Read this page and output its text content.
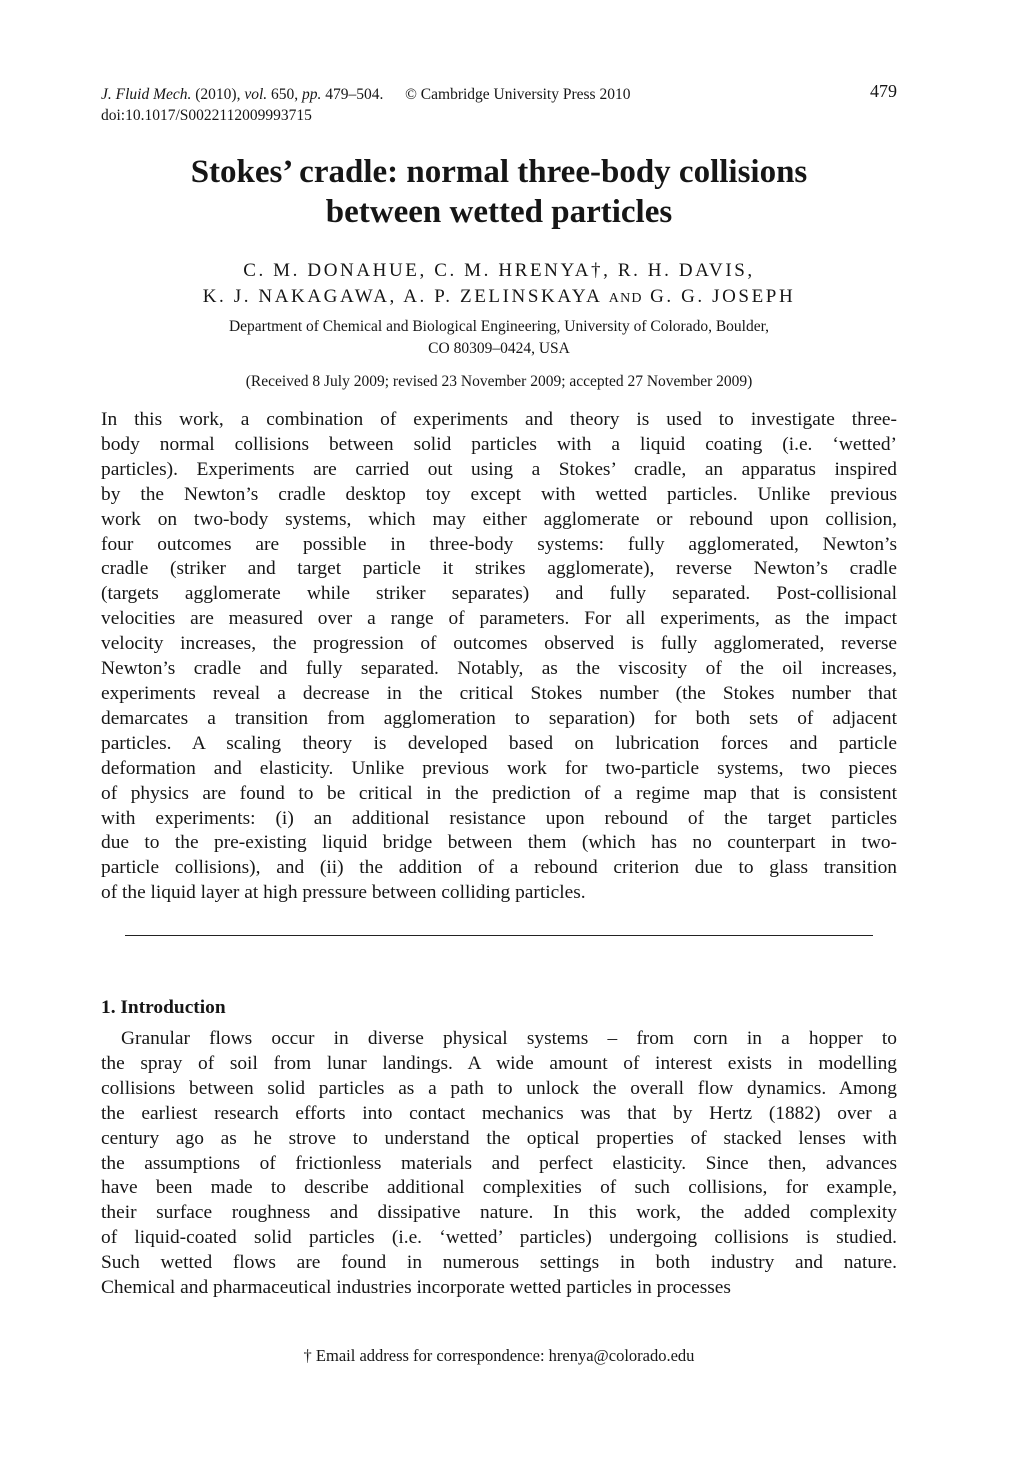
J. Fluid Mech. (2010), vol. 650, pp. 479–504. © Cambridge University Press 2010
doi:10.1017/S0022112009993715
479
Stokes’ cradle: normal three-body collisions
between wetted particles
C. M. DONAHUE, C. M. HRENYA†, R. H. DAVIS,
K. J. NAKAGAWA, A. P. ZELINSKAYA AND G. G. JOSEPH
Department of Chemical and Biological Engineering, University of Colorado, Boulder,
CO 80309–0424, USA
(Received 8 July 2009; revised 23 November 2009; accepted 27 November 2009)
In this work, a combination of experiments and theory is used to investigate three-
body normal collisions between solid particles with a liquid coating (i.e. ‘wetted’
particles). Experiments are carried out using a Stokes’ cradle, an apparatus inspired
by the Newton’s cradle desktop toy except with wetted particles. Unlike previous
work on two-body systems, which may either agglomerate or rebound upon collision,
four outcomes are possible in three-body systems: fully agglomerated, Newton’s
cradle (striker and target particle it strikes agglomerate), reverse Newton’s cradle
(targets agglomerate while striker separates) and fully separated. Post-collisional
velocities are measured over a range of parameters. For all experiments, as the impact
velocity increases, the progression of outcomes observed is fully agglomerated, reverse
Newton’s cradle and fully separated. Notably, as the viscosity of the oil increases,
experiments reveal a decrease in the critical Stokes number (the Stokes number that
demarcates a transition from agglomeration to separation) for both sets of adjacent
particles. A scaling theory is developed based on lubrication forces and particle
deformation and elasticity. Unlike previous work for two-particle systems, two pieces
of physics are found to be critical in the prediction of a regime map that is consistent
with experiments: (i) an additional resistance upon rebound of the target particles
due to the pre-existing liquid bridge between them (which has no counterpart in two-
particle collisions), and (ii) the addition of a rebound criterion due to glass transition
of the liquid layer at high pressure between colliding particles.
1. Introduction
Granular flows occur in diverse physical systems – from corn in a hopper to
the spray of soil from lunar landings. A wide amount of interest exists in modelling
collisions between solid particles as a path to unlock the overall flow dynamics. Among
the earliest research efforts into contact mechanics was that by Hertz (1882) over a
century ago as he strove to understand the optical properties of stacked lenses with
the assumptions of frictionless materials and perfect elasticity. Since then, advances
have been made to describe additional complexities of such collisions, for example,
their surface roughness and dissipative nature. In this work, the added complexity
of liquid-coated solid particles (i.e. ‘wetted’ particles) undergoing collisions is studied.
Such wetted flows are found in numerous settings in both industry and nature.
Chemical and pharmaceutical industries incorporate wetted particles in processes
† Email address for correspondence: hrenya@colorado.edu
